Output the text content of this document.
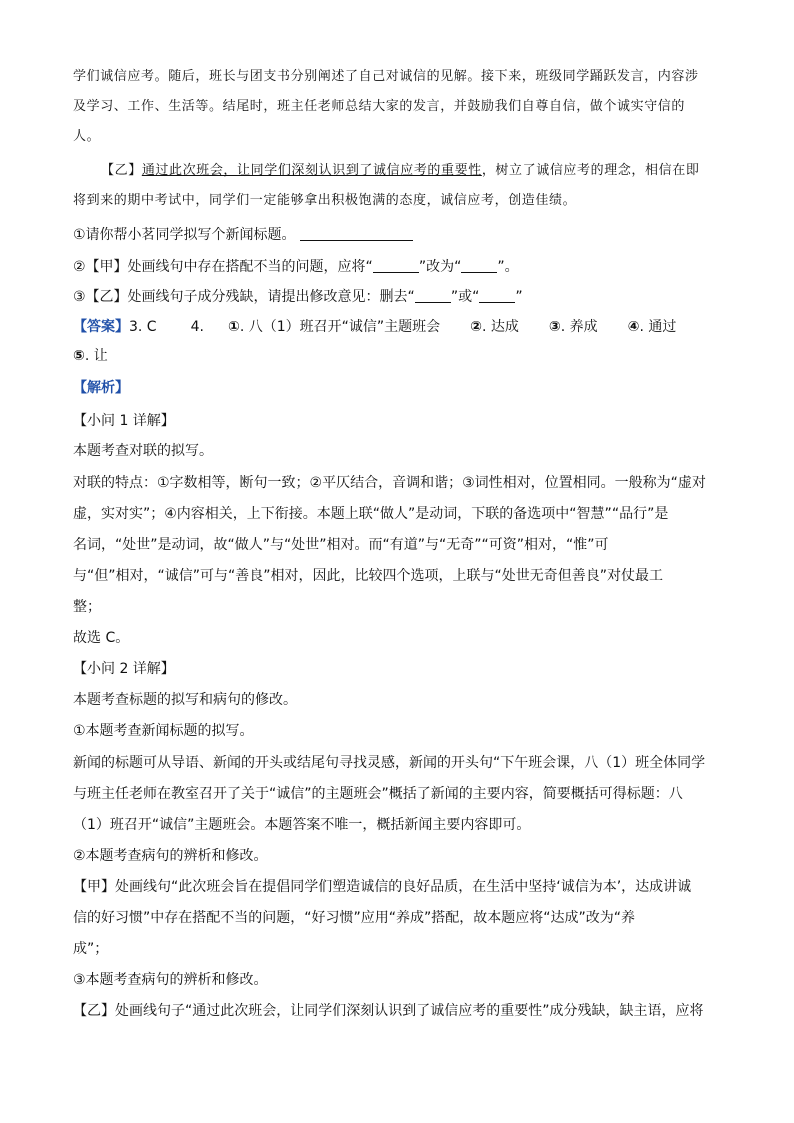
学们诚信应考。随后，班长与团支书分别阐述了自己对诚信的见解。接下来，班级同学踊跃发言，内容涉
及学习、工作、生活等。结尾时，班主任老师总结大家的发言，并鼓励我们自尊自信，做个诚实守信的
人。
【乙】通过此次班会，让同学们深刻认识到了诚信应考的重要性，树立了诚信应考的理念，相信在即
将到来的期中考试中，同学们一定能够拿出积极饱满的态度，诚信应考，创造佳绩。
①请你帮小茗同学拟写个新闻标题。
②【甲】处画线句中存在搭配不当的问题，应将“	”改为“	”。
③【乙】处画线句子成分残缺，请提出修改意见：删去“	”或“	”
【答案】3. C 4. ①. 八（1）班召开“诚信”主题班会 ②. 达成 ③. 养成 ④. 通过
⑤. 让
【解析】
【小问 1 详解】
本题考查对联的拟写。
对联的特点：①字数相等，断句一致；②平仄结合，音调和谐；③词性相对，位置相同。一般称为“虚对
虚，实对实”；④内容相关，上下衔接。本题上联“做人”是动词，下联的备选项中“智慧”“品行”是
名词，“处世”是动词，故“做人”与“处世”相对。而“有道”与“无奇”“可资”相对，“惟”可
与“但”相对，“诚信”可与“善良”相对，因此，比较四个选项，上联与“处世无奇但善良”对仗最工
整；
故选 C。
【小问 2 详解】
本题考查标题的拟写和病句的修改。
①本题考查新闻标题的拟写。
新闻的标题可从导语、新闻的开头或结尾句寻找灵感，新闻的开头句“下午班会课，八（1）班全体同学
与班主任老师在教室召开了关于“诚信”的主题班会”概括了新闻的主要内容，简要概括可得标题：八
（1）班召开“诚信”主题班会。本题答案不唯一，概括新闻主要内容即可。
②本题考查病句的辨析和修改。
【甲】处画线句“此次班会旨在提倡同学们塑造诚信的良好品质，在生活中坚持‘诚信为本’，达成讲诚
信的好习惯”中存在搭配不当的问题，“好习惯”应用“养成”搭配，故本题应将“达成”改为“养
成”；
③本题考查病句的辨析和修改。
【乙】处画线句子“通过此次班会，让同学们深刻认识到了诚信应考的重要性”成分残缺，缺主语，应将
